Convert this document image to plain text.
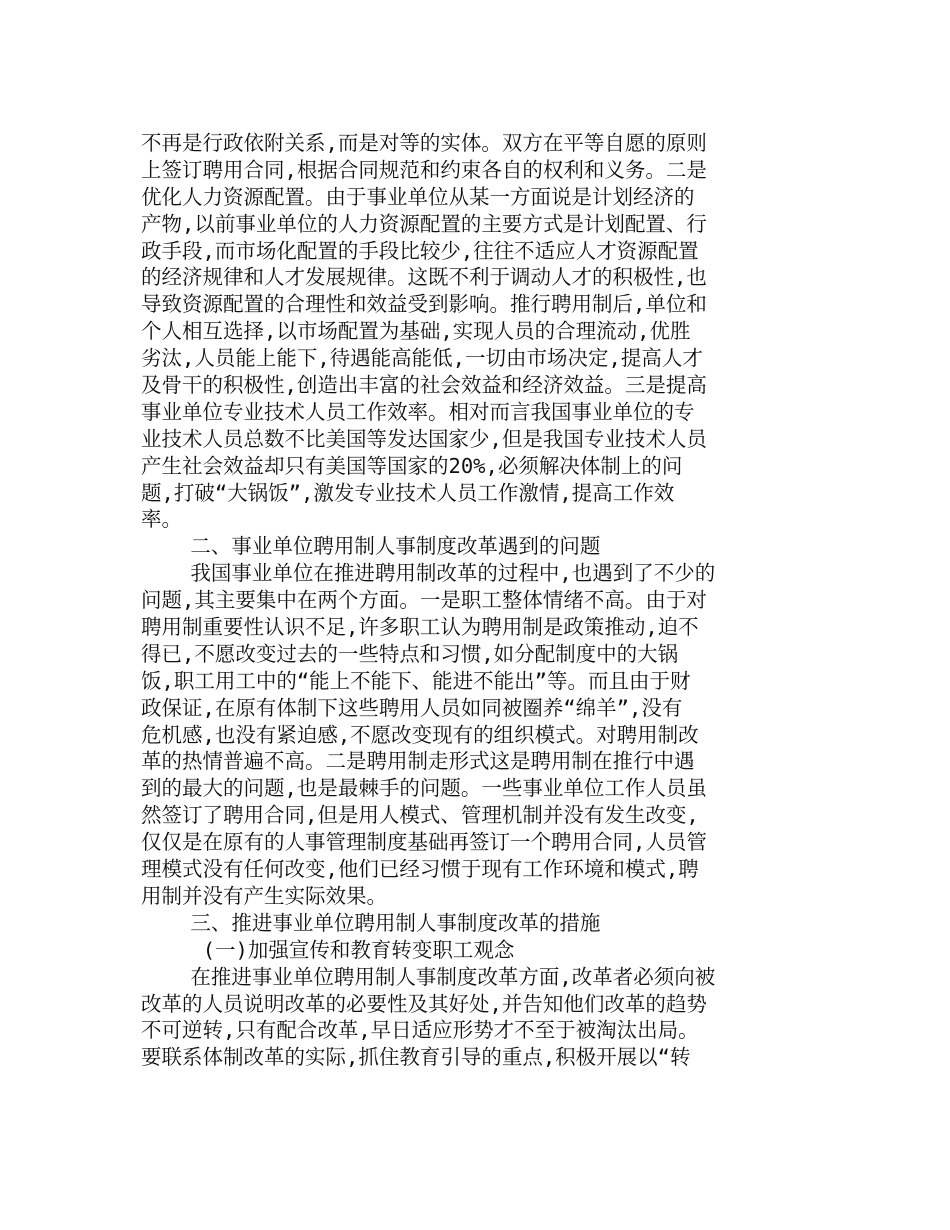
不再是行政依附关系,而是对等的实体。双方在平等自愿的原则
上签订聘用合同,根据合同规范和约束各自的权利和义务。二是
优化人力资源配置。由于事业单位从某一方面说是计划经济的
产物,以前事业单位的人力资源配置的主要方式是计划配置、行
政手段,而市场化配置的手段比较少,往往不适应人才资源配置
的经济规律和人才发展规律。这既不利于调动人才的积极性,也
导致资源配置的合理性和效益受到影响。推行聘用制后,单位和
个人相互选择,以市场配置为基础,实现人员的合理流动,优胜
劣汰,人员能上能下,待遇能高能低,一切由市场决定,提高人才
及骨干的积极性,创造出丰富的社会效益和经济效益。三是提高
事业单位专业技术人员工作效率。相对而言我国事业单位的专
业技术人员总数不比美国等发达国家少,但是我国专业技术人员
产生社会效益却只有美国等国家的20%,必须解决体制上的问
题,打破“大锅饭”,激发专业技术人员工作激情,提高工作效
率。
二、事业单位聘用制人事制度改革遇到的问题
我国事业单位在推进聘用制改革的过程中,也遇到了不少的
问题,其主要集中在两个方面。一是职工整体情绪不高。由于对
聘用制重要性认识不足,许多职工认为聘用制是政策推动,迫不
得已,不愿改变过去的一些特点和习惯,如分配制度中的大锅
饭,职工用工中的“能上不能下、能进不能出”等。而且由于财
政保证,在原有体制下这些聘用人员如同被圈养“绵羊”,没有
危机感,也没有紧迫感,不愿改变现有的组织模式。对聘用制改
革的热情普遍不高。二是聘用制走形式这是聘用制在推行中遇
到的最大的问题,也是最棘手的问题。一些事业单位工作人员虽
然签订了聘用合同,但是用人模式、管理机制并没有发生改变,
仅仅是在原有的人事管理制度基础再签订一个聘用合同,人员管
理模式没有任何改变,他们已经习惯于现有工作环境和模式,聘
用制并没有产生实际效果。
三、推进事业单位聘用制人事制度改革的措施
(一)加强宣传和教育转变职工观念
在推进事业单位聘用制人事制度改革方面,改革者必须向被
改革的人员说明改革的必要性及其好处,并告知他们改革的趋势
不可逆转,只有配合改革,早日适应形势才不至于被淘汰出局。
要联系体制改革的实际,抓住教育引导的重点,积极开展以“转
